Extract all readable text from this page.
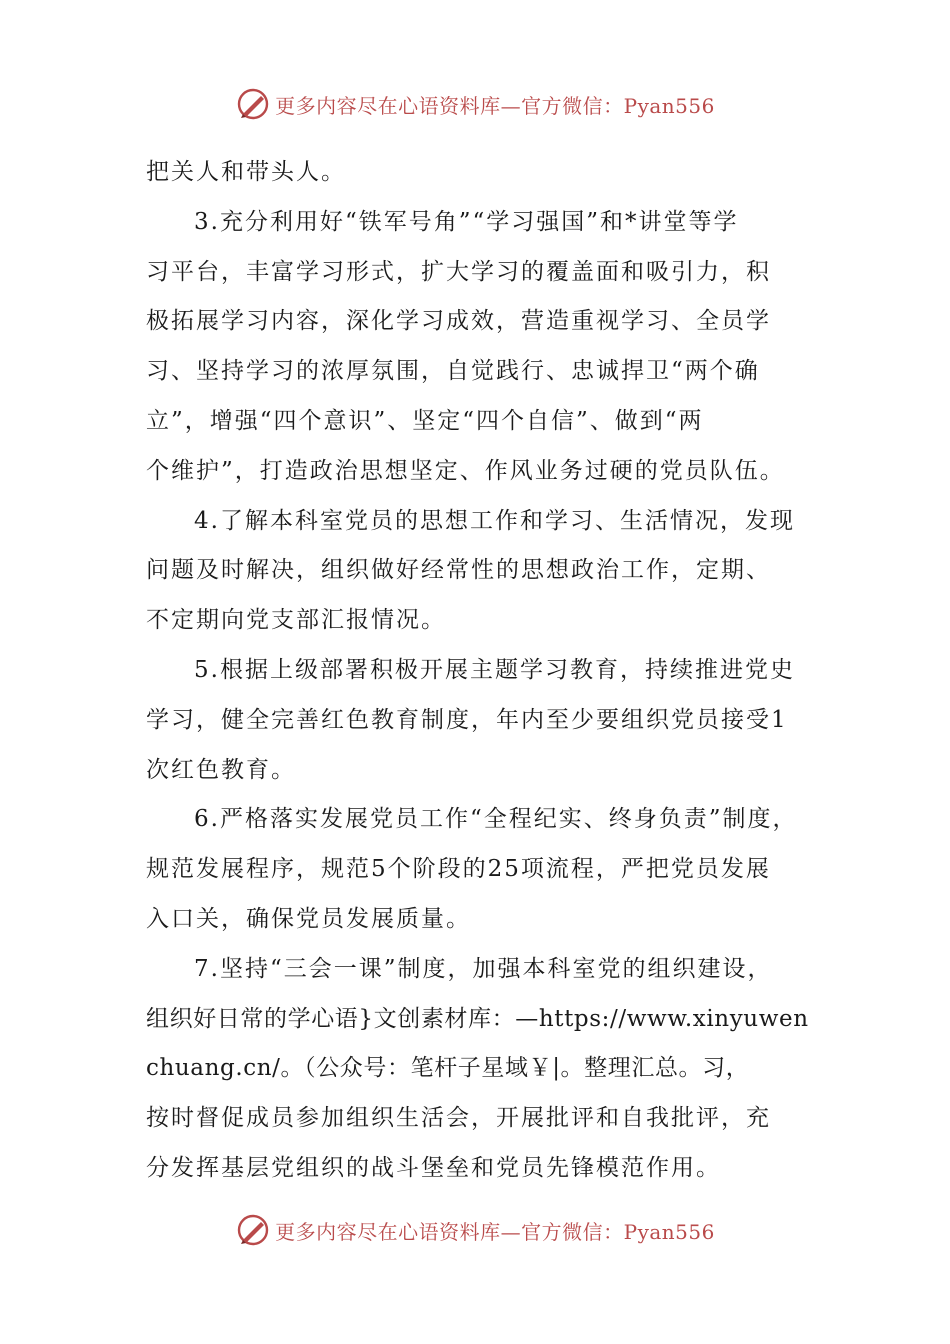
更多内容尽在心语资料库—官方微信：Pyan556
把关人和带头人。
3.充分利用好“铁军号角”“学习强国”和*讲堂等学
习平台，丰富学习形式，扩大学习的覆盖面和吸引力，积
极拓展学习内容，深化学习成效，营造重视学习、全员学
习、坚持学习的浓厚氛围，自觉践行、忠诚捍卫“两个确
立”，增强“四个意识”、坚定“四个自信”、做到“两
个维护”，打造政治思想坚定、作风业务过硬的党员队伍。
4.了解本科室党员的思想工作和学习、生活情况，发现
问题及时解决，组织做好经常性的思想政治工作，定期、
不定期向党支部汇报情况。
5.根据上级部署积极开展主题学习教育，持续推进党史
学习，健全完善红色教育制度，年内至少要组织党员接受1
次红色教育。
6.严格落实发展党员工作“全程纪实、终身负责”制度，
规范发展程序，规范5个阶段的25项流程，严把党员发展
入口关，确保党员发展质量。
7.坚持“三会一课”制度，加强本科室党的组织建设，
组织好日常的学心语}文创素材库：—https://www.xinyuwen
chuang.cn/。（公众号：笔杆子星域￥|。整理汇总。习，
按时督促成员参加组织生活会，开展批评和自我批评，充
分发挥基层党组织的战斗堡垒和党员先锋模范作用。
更多内容尽在心语资料库—官方微信：Pyan556
